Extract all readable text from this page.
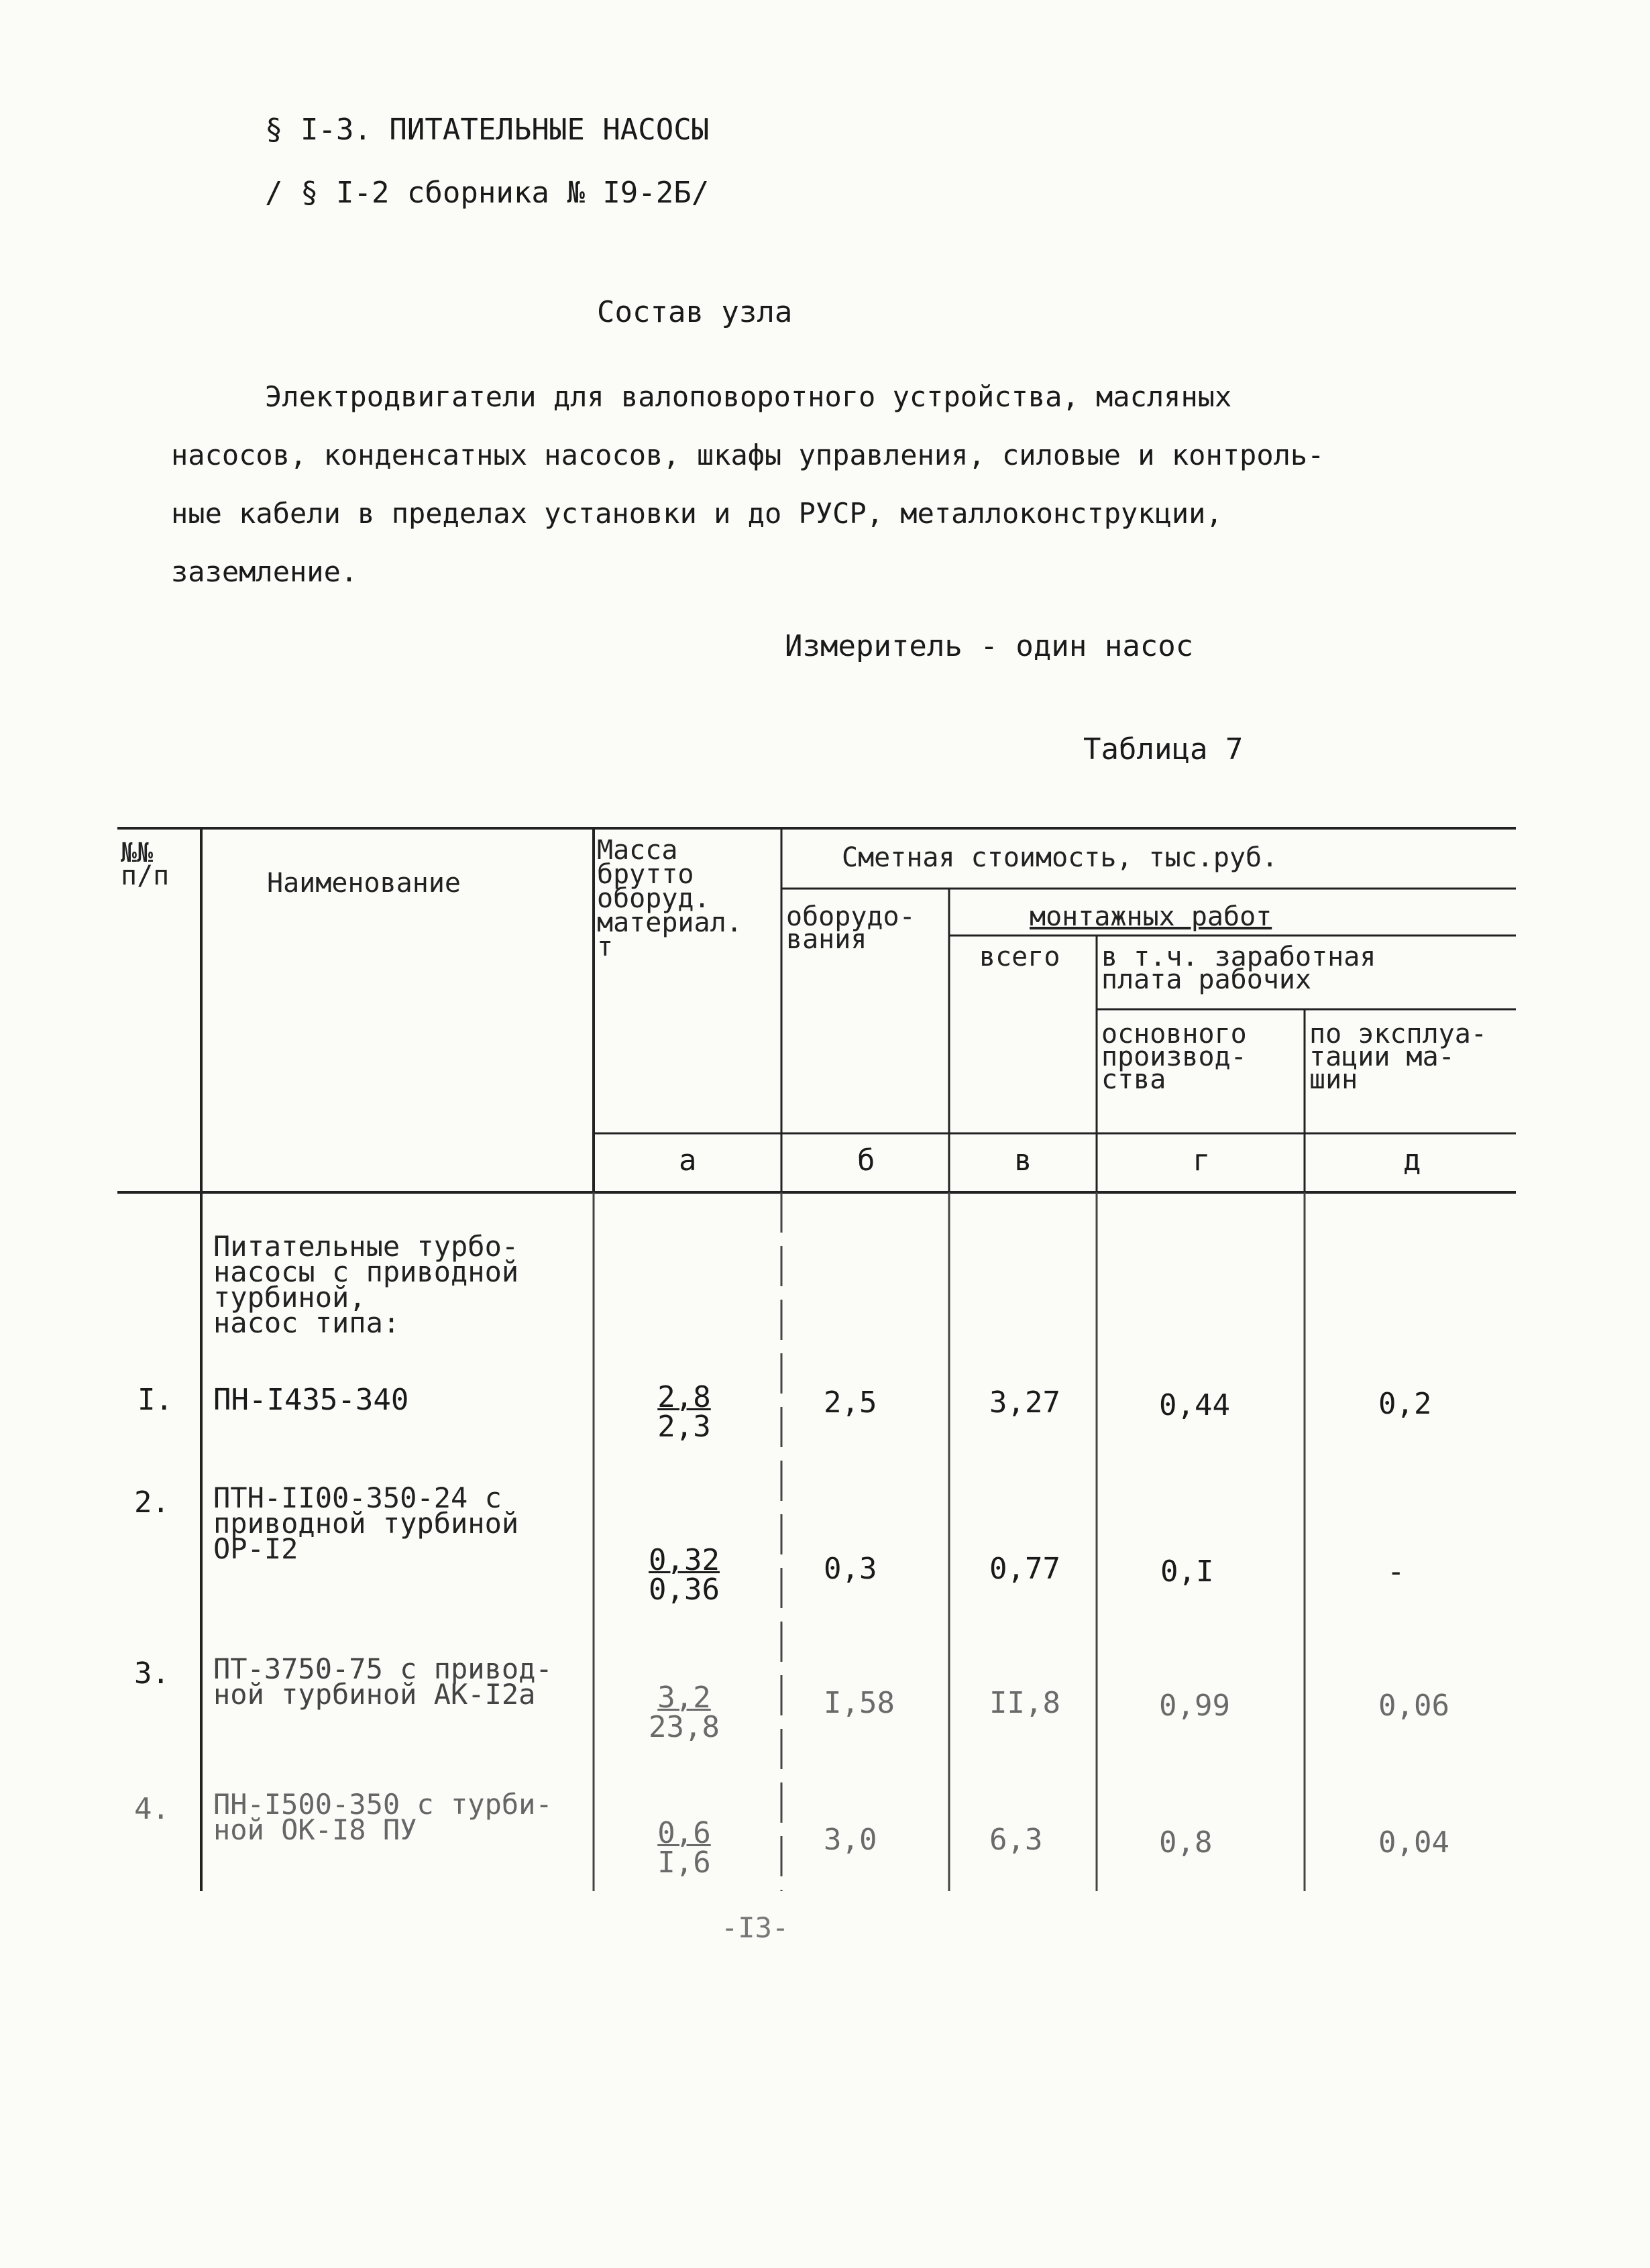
§ I-3. ПИТАТЕЛЬНЫЕ НАСОСЫ
/ § I-2 сборника № I9-2Б/
Состав узла
Электродвигатели для валоповоротного устройства, масляных
насосов, конденсатных насосов, шкафы управления, силовые и контроль-
ные кабели в пределах установки и до РУСР, металлоконструкции,
заземление.
Измеритель - один насос
Таблица 7
№№
п/п	Наименование
Масса
брутто
оборуд.
материал.
т
Сметная стоимость, тыс.руб.
оборудо-
вания
монтажных работ
всего в т.ч. заработная
плата рабочих
основного
производ-
ства
по эксплуа-
тации ма-
шин
а	б	в	г	д
Питательные турбо-
насосы с приводной
турбиной,
насос типа:
I. ПН-I435-340	$\frac{2,8}{2,3}$	2,5	3,27	0,44	0,2
2. ПТН-II00-350-24 с
приводной турбиной
ОР-I2	$\frac{0,32}{0,36}$	0,3	0,77	0,I	-
3. ПТ-3750-75 с привод-
ной турбиной АК-I2а	$\frac{3,2}{23,8}$	I,58	II,8	0,99	0,06
4. ПН-I500-350 с турби-
ной ОК-I8 ПУ	$\frac{0,6}{I,6}$	3,0	6,3	0,8	0,04
-I3-
